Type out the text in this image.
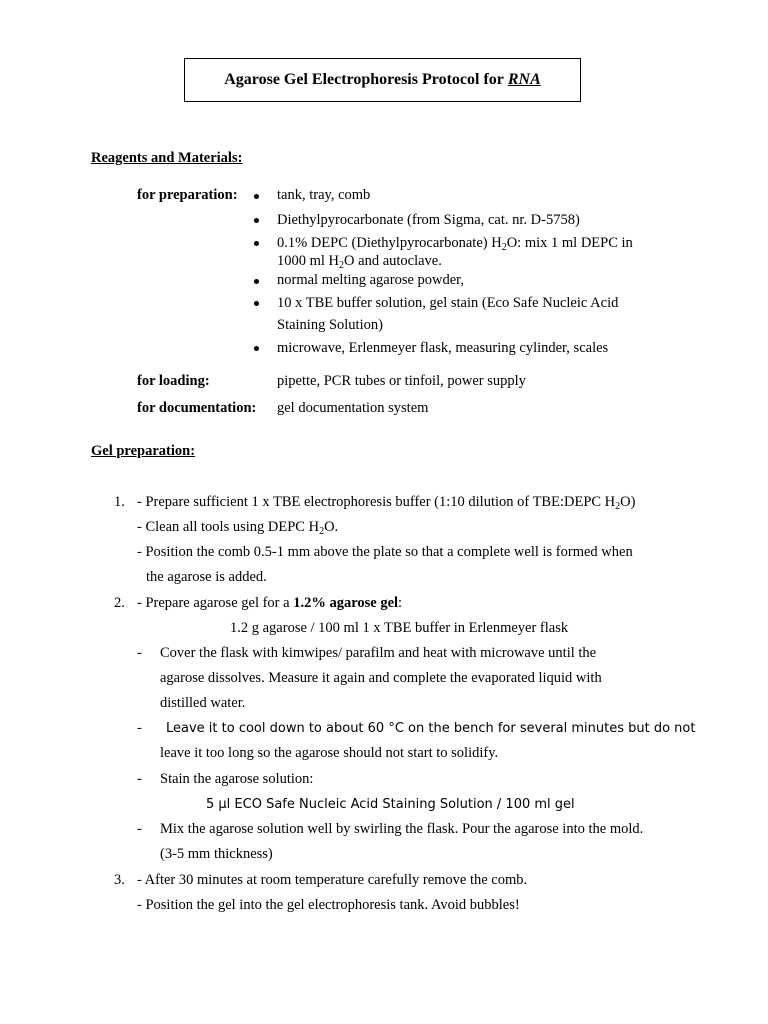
Agarose Gel Electrophoresis Protocol for RNA
Reagents and Materials:
for preparation:	tank, tray, comb
Diethylpyrocarbonate (from Sigma, cat. nr. D-5758)
0.1% DEPC (Diethylpyrocarbonate) $H_2O$: mix 1 ml DEPC in
1000 ml $H_2O$ and autoclave.
normal melting agarose powder,
10 x TBE buffer solution, gel stain (Eco Safe Nucleic Acid
Staining Solution)
microwave, Erlenmeyer flask, measuring cylinder, scales
for loading:	pipette, PCR tubes or tinfoil, power supply
for documentation: gel documentation system
Gel preparation:
1. - Prepare sufficient 1 x TBE electrophoresis buffer (1:10 dilution of TBE:DEPC $H_2O$)
- Clean all tools using DEPC $H_2O$.
- Position the comb 0.5-1 mm above the plate so that a complete well is formed when
the agarose is added.
2. - Prepare agarose gel for a 1.2% agarose gel:
1.2 g agarose / 100 ml 1 x TBE buffer in Erlenmeyer flask
- Cover the flask with kimwipes/ parafilm and heat with microwave until the
agarose dissolves. Measure it again and complete the evaporated liquid with
distilled water.
- Leave it to cool down to about 60 °C on the bench for several minutes but do not
leave it too long so the agarose should not start to solidify.
- Stain the agarose solution:
5 µl ECO Safe Nucleic Acid Staining Solution / 100 ml gel
- Mix the agarose solution well by swirling the flask. Pour the agarose into the mold.
(3-5 mm thickness)
3. - After 30 minutes at room temperature carefully remove the comb.
- Position the gel into the gel electrophoresis tank. Avoid bubbles!
